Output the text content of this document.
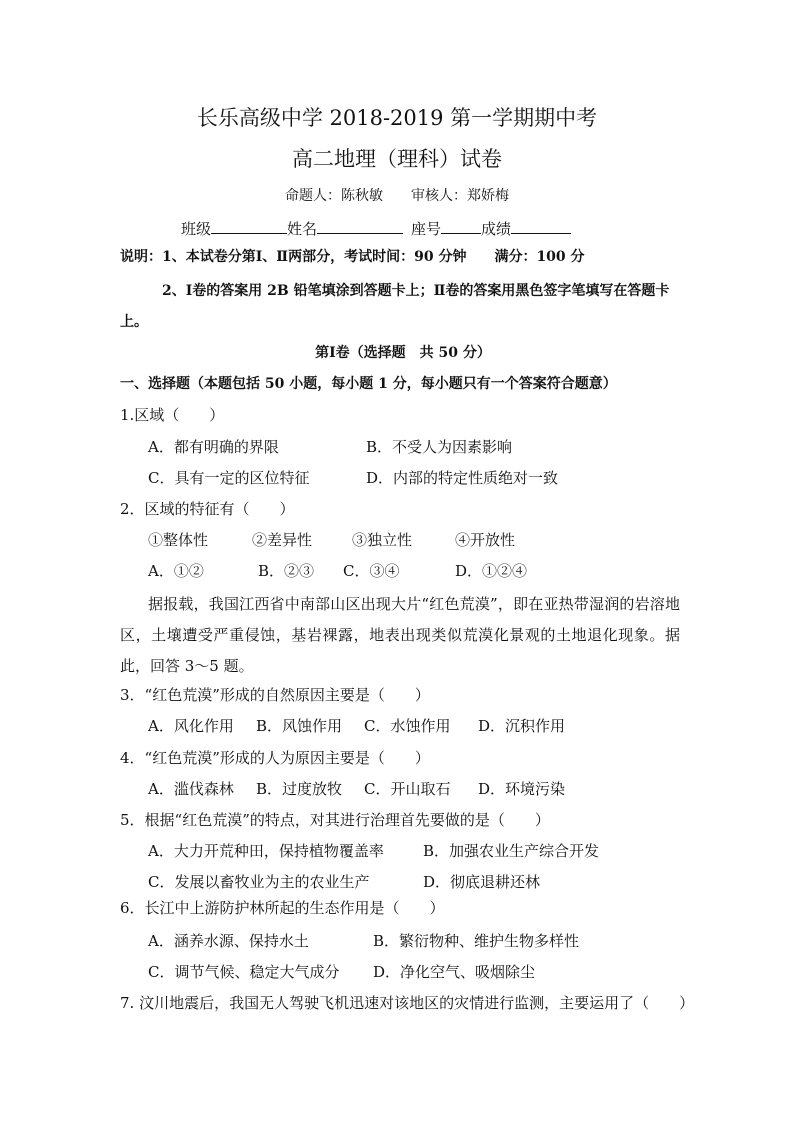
长乐高级中学 2018-2019 第一学期期中考
高二地理（理科）试卷
命题人：陈秋敏　　审核人：郑娇梅
班级	姓名	座号	成绩
说明：1、本试卷分第Ⅰ、Ⅱ两部分，考试时间：90 分钟　　满分：100 分
2、Ⅰ卷的答案用 2B 铅笔填涂到答题卡上；Ⅱ卷的答案用黑色签字笔填写在答题卡
上。
第Ⅰ卷（选择题　共 50 分）
一、选择题（本题包括 50 小题，每小题 1 分，每小题只有一个答案符合题意）
1.区域（　　）
A．都有明确的界限	B．不受人为因素影响
C．具有一定的区位特征	D．内部的特定性质绝对一致
2．区域的特征有（　　）
①整体性	②差异性	③独立性	④开放性
A．①②	B．②③ C．③④	D．①②④
据报载，我国江西省中南部山区出现大片“红色荒漠”，即在亚热带湿润的岩溶地区，土壤遭受严重侵蚀，基岩裸露，地表出现类似荒漠化景观的土地退化现象。据此，回答 3～5 题。
3．“红色荒漠”形成的自然原因主要是（　　）
A．风化作用 B．风蚀作用 C．水蚀作用 D．沉积作用
4．“红色荒漠”形成的人为原因主要是（　　）
A．滥伐森林 B．过度放牧 C．开山取石 D．环境污染
5．根据“红色荒漠”的特点，对其进行治理首先要做的是（　　）
A．大力开荒种田，保持植物覆盖率	B．加强农业生产综合开发
C．发展以畜牧业为主的农业生产	D．彻底退耕还林
6．长江中上游防护林所起的生态作用是（　　）
A．涵养水源、保持水土	B．繁衍物种、维护生物多样性
C．调节气候、稳定大气成分 D．净化空气、吸烟除尘
7. 汶川地震后，我国无人驾驶飞机迅速对该地区的灾情进行监测，主要运用了（　　）
